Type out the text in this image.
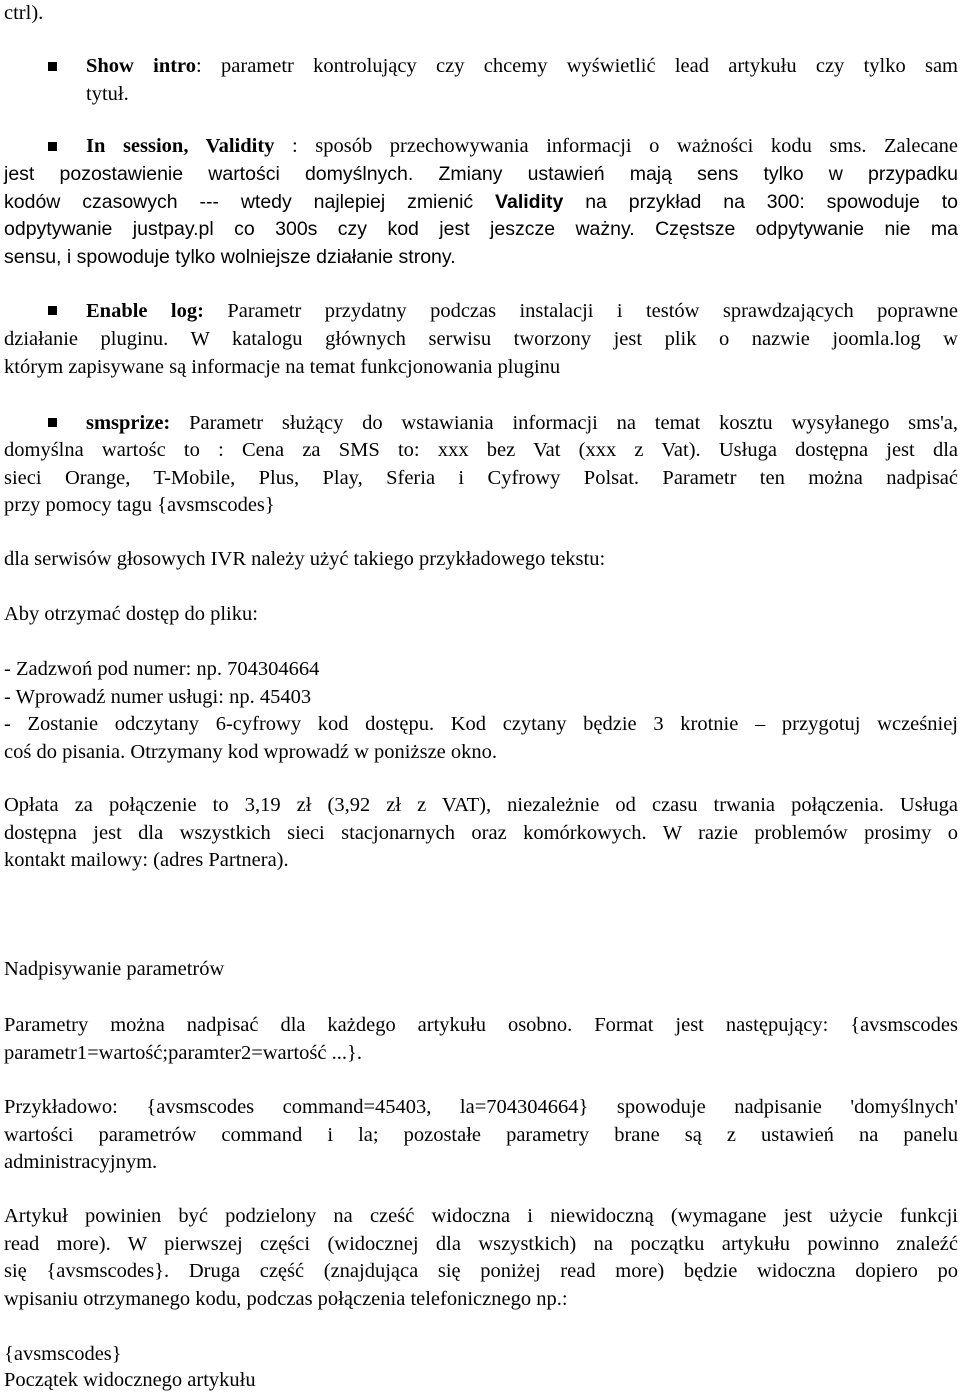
ctrl).
Show intro: parametr kontrolujący czy chcemy wyświetlić lead artykułu czy tylko sam
tytuł.
In session, Validity : sposób przechowywania informacji o ważności kodu sms. Zalecane
jest pozostawienie wartości domyślnych. Zmiany ustawień mają sens tylko w przypadku
kodów czasowych --- wtedy najlepiej zmienić Validity na przykład na 300: spowoduje to
odpytywanie justpay.pl co 300s czy kod jest jeszcze ważny. Częstsze odpytywanie nie ma
sensu, i spowoduje tylko wolniejsze działanie strony.
Enable log: Parametr przydatny podczas instalacji i testów sprawdzających poprawne
działanie pluginu. W katalogu głównych serwisu tworzony jest plik o nazwie joomla.log w
którym zapisywane są informacje na temat funkcjonowania pluginu
smsprize: Parametr służący do wstawiania informacji na temat kosztu wysyłanego sms'a,
domyślna wartośc to : Cena za SMS to: xxx bez Vat (xxx z Vat). Usługa dostępna jest dla
sieci Orange, T-Mobile, Plus, Play, Sferia i Cyfrowy Polsat. Parametr ten można nadpisać
przy pomocy tagu {avsmscodes}
dla serwisów głosowych IVR należy użyć takiego przykładowego tekstu:
Aby otrzymać dostęp do pliku:
- Zadzwoń pod numer: np. 704304664
- Wprowadź numer usługi: np. 45403
- Zostanie odczytany 6-cyfrowy kod dostępu. Kod czytany będzie 3 krotnie – przygotuj wcześniej
coś do pisania. Otrzymany kod wprowadź w poniższe okno.
Opłata za połączenie to 3,19 zł (3,92 zł z VAT), niezależnie od czasu trwania połączenia. Usługa
dostępna jest dla wszystkich sieci stacjonarnych oraz komórkowych. W razie problemów prosimy o
kontakt mailowy: (adres Partnera).
Nadpisywanie parametrów
Parametry można nadpisać dla każdego artykułu osobno. Format jest następujący: {avsmscodes
parametr1=wartość;paramter2=wartość ...}.
Przykładowo: {avsmscodes command=45403, la=704304664} spowoduje nadpisanie 'domyślnych'
wartości parametrów command i la; pozostałe parametry brane są z ustawień na panelu
administracyjnym.
Artykuł powinien być podzielony na cześć widoczna i niewidoczną (wymagane jest użycie funkcji
read more). W pierwszej części (widocznej dla wszystkich) na początku artykułu powinno znaleźć
się {avsmscodes}. Druga część (znajdująca się poniżej read more) będzie widoczna dopiero po
wpisaniu otrzymanego kodu, podczas połączenia telefonicznego np.:
{avsmscodes}
Początek widocznego artykułu
